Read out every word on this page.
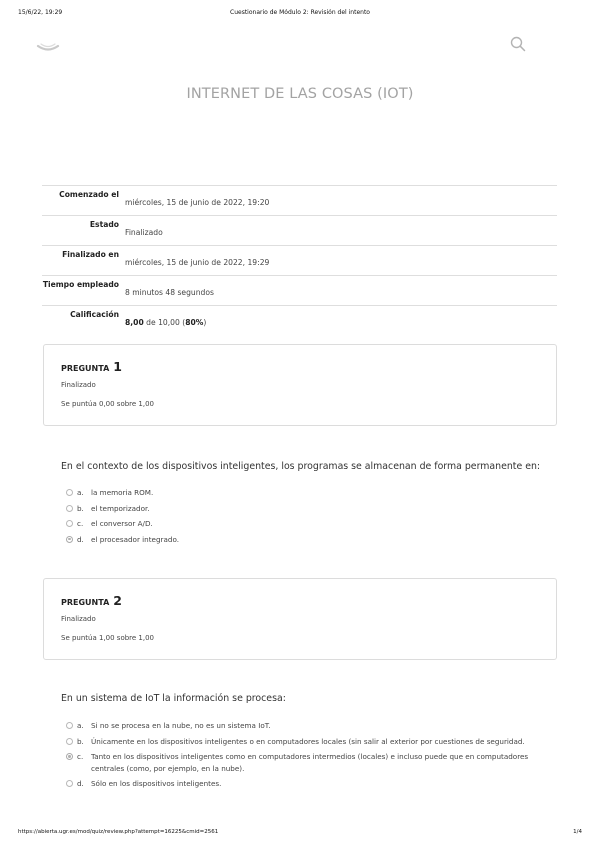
15/6/22, 19:29	Cuestionario de Módulo 2: Revisión del intento
INTERNET DE LAS COSAS (IOT)
Comenzado el
miércoles, 15 de junio de 2022, 19:20
Estado
Finalizado
Finalizado en
miércoles, 15 de junio de 2022, 19:29
Tiempo empleado
8 minutos 48 segundos
Calificación
8,00 de 10,00 (80%)
PREGUNTA 1
Finalizado
Se puntúa 0,00 sobre 1,00
En el contexto de los dispositivos inteligentes, los programas se almacenan de forma permanente en:
a. la memoria ROM.
b. el temporizador.
c. el conversor A/D.
d. el procesador integrado.
PREGUNTA 2
Finalizado
Se puntúa 1,00 sobre 1,00
En un sistema de IoT la información se procesa:
a. Si no se procesa en la nube, no es un sistema IoT.
b. Únicamente en los dispositivos inteligentes o en computadores locales (sin salir al exterior por cuestiones de seguridad.
c. Tanto en los dispositivos inteligentes como en computadores intermedios (locales) e incluso puede que en computadores centrales (como, por ejemplo, en la nube).
d. Sólo en los dispositivos inteligentes.
https://abierta.ugr.es/mod/quiz/review.php?attempt=16225&cmid=2561	1/4
